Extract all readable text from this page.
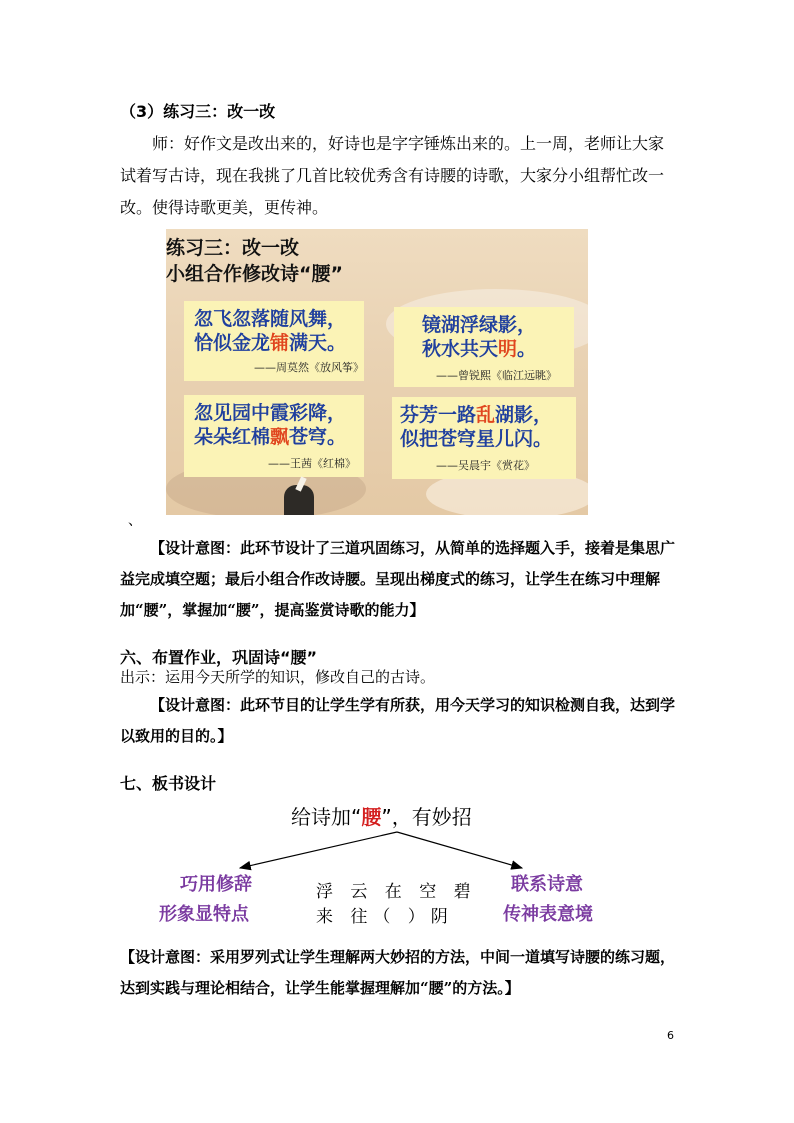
（3）练习三：改一改
师：好作文是改出来的，好诗也是字字锤炼出来的。上一周，老师让大家试着写古诗，现在我挑了几首比较优秀含有诗腰的诗歌，大家分小组帮忙改一改。使得诗歌更美，更传神。
练习三：改一改
小组合作修改诗“腰”
忽飞忽落随风舞，
恰似金龙铺满天。
——周莫然《放风筝》
镜湖浮绿影，
秋水共天明。
——曾锐熙《临江远眺》
忽见园中霞彩降，
朵朵红棉飘苍穹。
——王茜《红棉》
芬芳一路乱湖影，
似把苍穹星儿闪。
——吴晨宇《赏花》
、
【设计意图：此环节设计了三道巩固练习，从简单的选择题入手，接着是集思广益完成填空题；最后小组合作改诗腰。呈现出梯度式的练习，让学生在练习中理解加“腰”，掌握加“腰”，提高鉴赏诗歌的能力】
六、布置作业，巩固诗“腰”
出示：运用今天所学的知识，修改自己的古诗。
【设计意图：此环节目的让学生学有所获，用今天学习的知识检测自我，达到学以致用的目的。】
七、板书设计
给诗加“腰”，有妙招
巧用修辞
形象显特点
浮 云 在 空 碧
来 往（ ）阴
联系诗意
传神表意境
【设计意图：采用罗列式让学生理解两大妙招的方法，中间一道填写诗腰的练习题，达到实践与理论相结合，让学生能掌握理解加“腰”的方法。】
6
